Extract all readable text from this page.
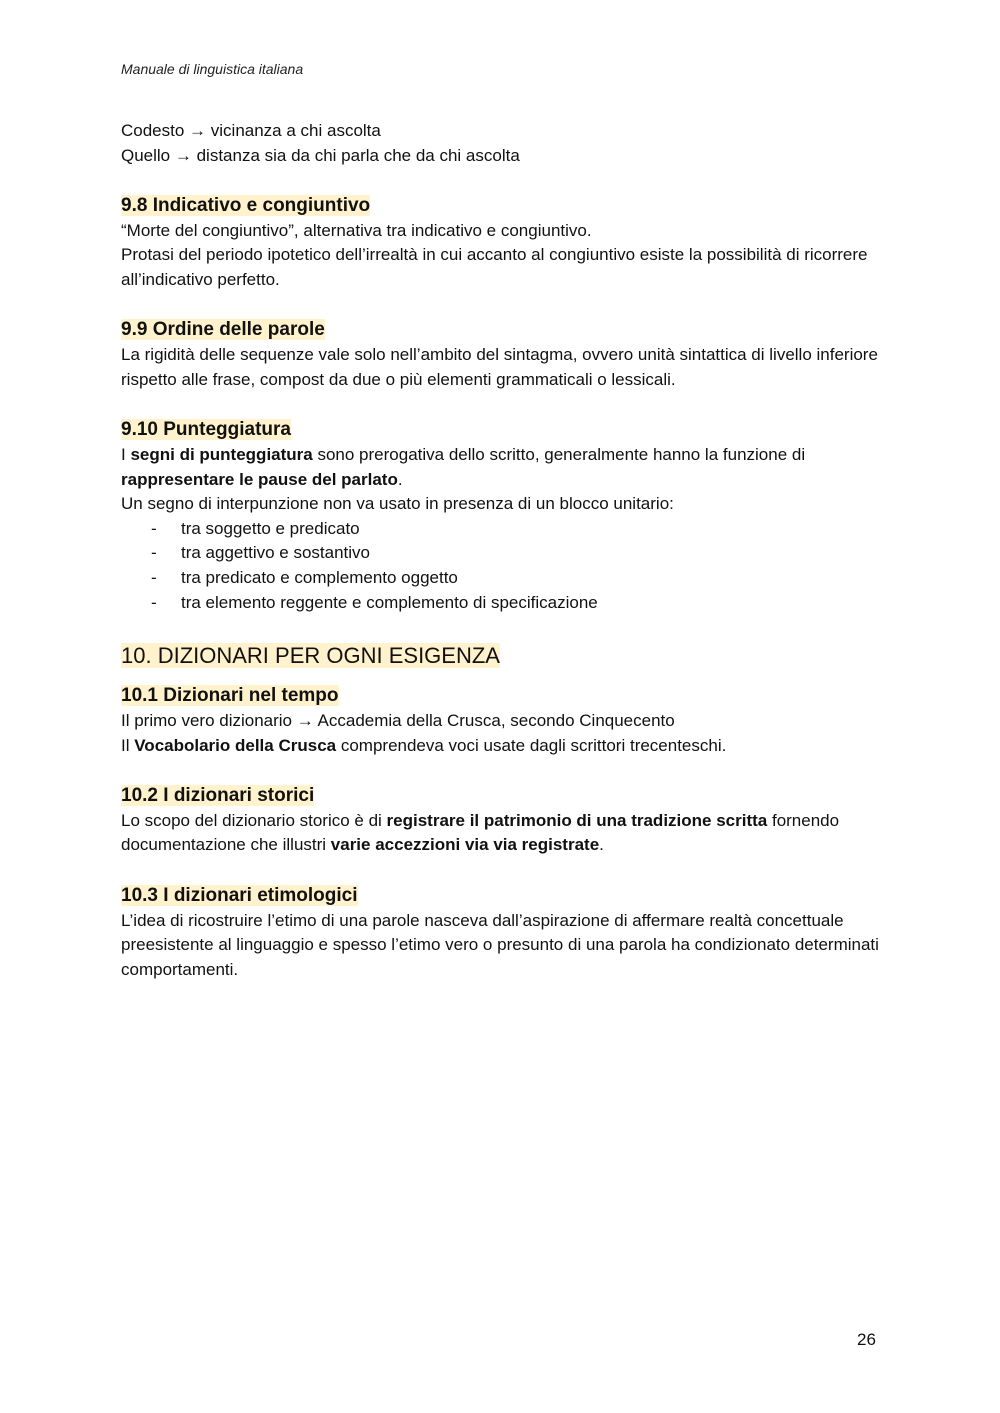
Manuale di linguistica italiana

Codesto → vicinanza a chi ascolta

Quello → distanza sia da chi parla che da chi ascolta

9.8 Indicativo e congiuntivo

“Morte del congiuntivo”, alternativa tra indicativo e congiuntivo.

Protasi del periodo ipotetico dell’irrealtà in cui accanto al congiuntivo esiste la possibilità di ricorrere all’indicativo perfetto.

9.9 Ordine delle parole

La rigidità delle sequenze vale solo nell’ambito del sintagma, ovvero unità sintattica di livello inferiore rispetto alle frase, compost da due o più elementi grammaticali o lessicali.

9.10 Punteggiatura

I segni di punteggiatura sono prerogativa dello scritto, generalmente hanno la funzione di rappresentare le pause del parlato.

Un segno di interpunzione non va usato in presenza di un blocco unitario:

- tra soggetto e predicato
- tra aggettivo e sostantivo
- tra predicato e complemento oggetto
- tra elemento reggente e complemento di specificazione

10. DIZIONARI PER OGNI ESIGENZA

10.1 Dizionari nel tempo

Il primo vero dizionario → Accademia della Crusca, secondo Cinquecento

Il Vocabolario della Crusca comprendeva voci usate dagli scrittori trecenteschi.

10.2 I dizionari storici

Lo scopo del dizionario storico è di registrare il patrimonio di una tradizione scritta fornendo documentazione che illustri varie accezzioni via via registrate.

10.3 I dizionari etimologici

L’idea di ricostruire l’etimo di una parole nasceva dall’aspirazione di affermare realtà concettuale preesistente al linguaggio e spesso l’etimo vero o presunto di una parola ha condizionato determinati comportamenti.

26
